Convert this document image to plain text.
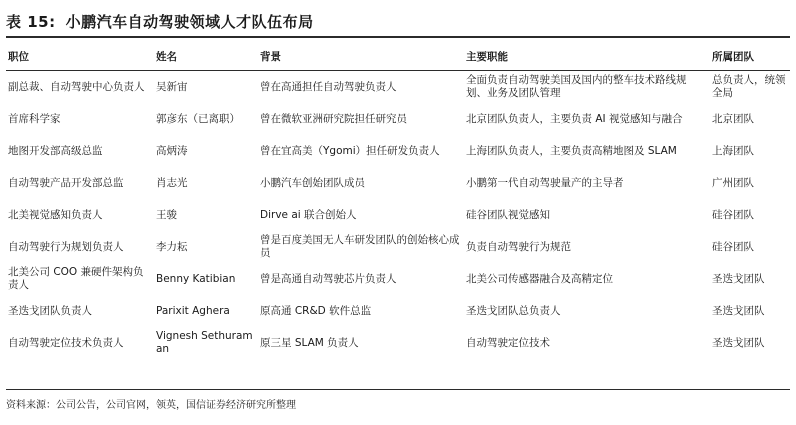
表 15: 小鹏汽车自动驾驶领域人才队伍布局
职位	姓名	背景	主要职能	所属团队
副总裁、自动驾驶中心负责人	吴新宙	曾在高通担任自动驾驶负责人	全面负责自动驾驶美国及国内的整车技术路线规划、业务及团队管理	总负责人，统领全局
首席科学家	郭彦东（已离职）	曾在微软亚洲研究院担任研究员	北京团队负责人，主要负责 AI 视觉感知与融合	北京团队
地图开发部高级总监	高炳涛	曾在宜高美（Ygomi）担任研发负责人	上海团队负责人，主要负责高精地图及 SLAM	上海团队
自动驾驶产品开发部总监	肖志光	小鹏汽车创始团队成员	小鹏第一代自动驾驶量产的主导者	广州团队
北美视觉感知负责人	王骏	Dirve ai 联合创始人	硅谷团队视觉感知	硅谷团队
自动驾驶行为规划负责人	李力耘	曾是百度美国无人车研发团队的创始核心成员	负责自动驾驶行为规范	硅谷团队
北美公司 COO 兼硬件架构负责人	Benny Katibian	曾是高通自动驾驶芯片负责人	北美公司传感器融合及高精定位	圣迭戈团队
圣迭戈团队负责人	Parixit Aghera	原高通 CR&D 软件总监	圣迭戈团队总负责人	圣迭戈团队
自动驾驶定位技术负责人	Vignesh Sethuraman	原三星 SLAM 负责人	自动驾驶定位技术	圣迭戈团队
资料来源：公司公告，公司官网，领英，国信证券经济研究所整理
